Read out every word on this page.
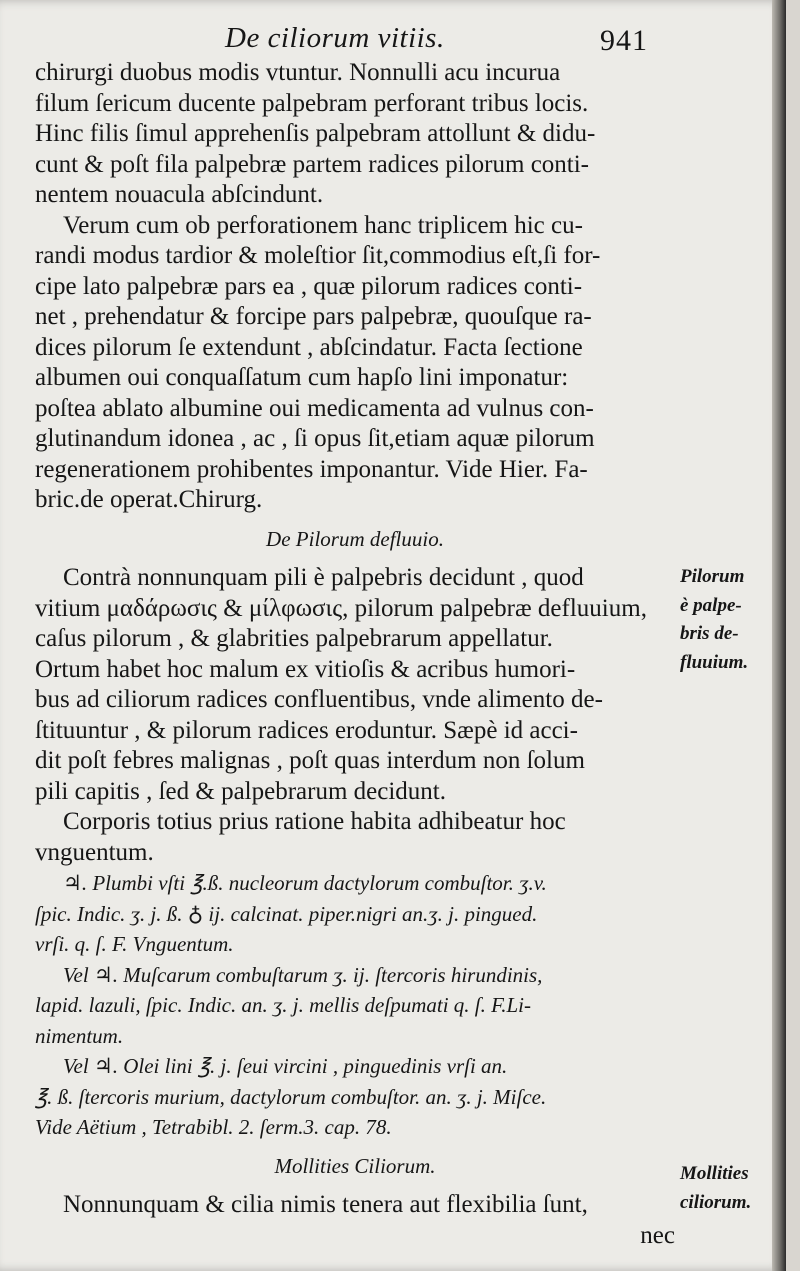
De ciliorum vitiis.	941
chirurgi duobus modis vtuntur. Nonnulli acu incurua
filum ſericum ducente palpebram perforant tribus locis.
Hinc filis ſimul apprehenſis palpebram attollunt & didu-
cunt & poſt fila palpebræ partem radices pilorum conti-
nentem nouacula abſcindunt.
Verum cum ob perforationem hanc triplicem hic cu-
randi modus tardior & moleſtior ſit,commodius eſt,ſi for-
cipe lato palpebræ pars ea , quæ pilorum radices conti-
net , prehendatur & forcipe pars palpebræ, quouſque ra-
dices pilorum ſe extendunt , abſcindatur. Facta ſectione
albumen oui conquaſſatum cum hapſo lini imponatur:
poſtea ablato albumine oui medicamenta ad vulnus con-
glutinandum idonea , ac , ſi opus ſit,etiam aquæ pilorum
regenerationem prohibentes imponantur. Vide Hier. Fa-
bric.de operat.Chirurg.
De Pilorum defluuio.
Contrà nonnunquam pili è palpebris decidunt , quod
vitium μαδάρωσις & μίλφωσις, pilorum palpebræ defluuium,
caſus pilorum , & glabrities palpebrarum appellatur.
Ortum habet hoc malum ex vitioſis & acribus humori-
bus ad ciliorum radices confluentibus, vnde alimento de-
ſtituuntur , & pilorum radices eroduntur. Sæpè id acci-
dit poſt febres malignas , poſt quas interdum non ſolum
pili capitis , ſed & palpebrarum decidunt.
Corporis totius prius ratione habita adhibeatur hoc
vnguentum.
♃. Plumbi vſti ℥.ß. nucleorum dactylorum combuſtor. ʒ.v.
ſpic. Indic. ʒ. j. ß. ♁ ij. calcinat. piper.nigri an.ʒ. j. pingued.
vrſi. q. ſ. F. Vnguentum.
Vel ♃. Muſcarum combuſtarum ʒ. ij. ſtercoris hirundinis,
lapid. lazuli, ſpic. Indic. an. ʒ. j. mellis deſpumati q. ſ. F.Li-
nimentum.
Vel ♃. Olei lini ℥. j. ſeui vircini , pinguedinis vrſi an.
℥. ß. ſtercoris murium, dactylorum combuſtor. an. ʒ. j. Miſce.
Vide Aëtium , Tetrabibl. 2. ſerm.3. cap. 78.
Mollities Ciliorum.
Nonnunquam & cilia nimis tenera aut flexibilia ſunt,
nec
Pilorum
è palpe-
bris de-
fluuium.
Mollities
ciliorum.
